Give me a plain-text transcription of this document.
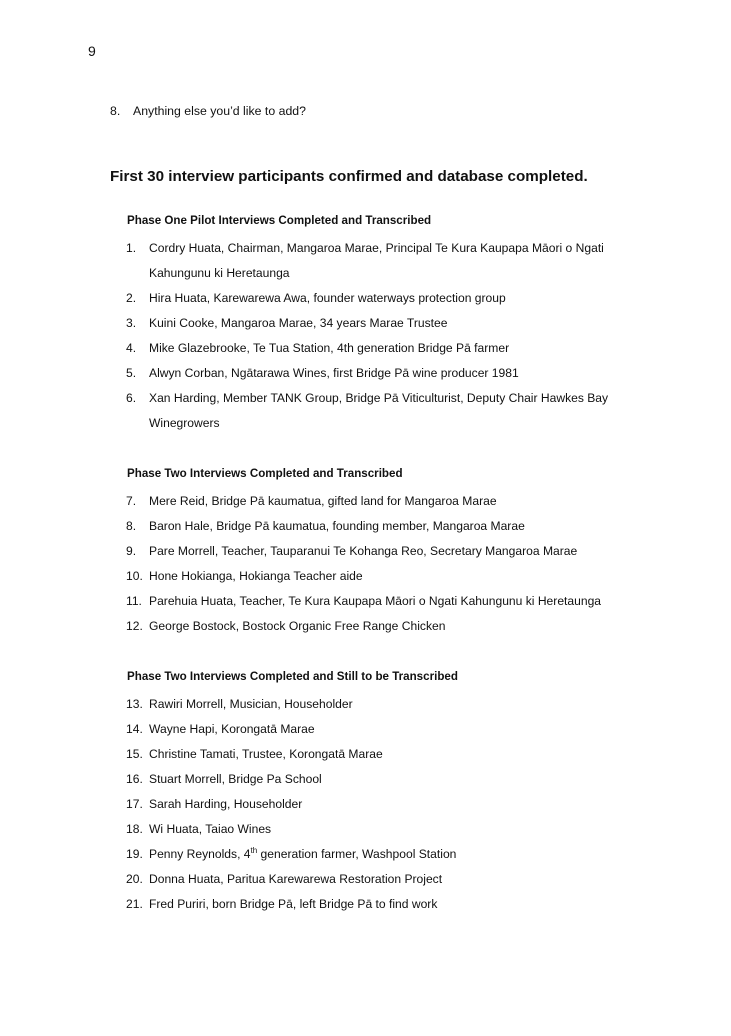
9
8.	Anything else you’d like to add?
First 30 interview participants confirmed and database completed.
Phase One Pilot Interviews Completed and Transcribed
1.	Cordry Huata, Chairman, Mangaroa Marae, Principal Te Kura Kaupapa Māori o Ngati Kahungunu ki Heretaunga
2.	Hira Huata, Karewarewa Awa, founder waterways protection group
3.	Kuini Cooke, Mangaroa Marae, 34 years Marae Trustee
4.	Mike Glazebrooke, Te Tua Station, 4th generation Bridge Pā farmer
5.	Alwyn Corban, Ngātarawa Wines, first Bridge Pā wine producer 1981
6.	Xan Harding, Member TANK Group, Bridge Pā Viticulturist, Deputy Chair Hawkes Bay Winegrowers
Phase Two Interviews Completed and Transcribed
7.	Mere Reid, Bridge Pā kaumatua, gifted land for Mangaroa Marae
8.	Baron Hale, Bridge Pā kaumatua, founding member, Mangaroa Marae
9.	Pare Morrell, Teacher, Tauparanui Te Kohanga Reo, Secretary Mangaroa Marae
10. Hone Hokianga, Hokianga Teacher aide
11. Parehuia Huata, Teacher, Te Kura Kaupapa Māori o Ngati Kahungunu ki Heretaunga
12. George Bostock, Bostock Organic Free Range Chicken
Phase Two Interviews Completed and Still to be Transcribed
13. Rawiri Morrell, Musician, Householder
14. Wayne Hapi, Korongatā Marae
15. Christine Tamati, Trustee, Korongatā Marae
16. Stuart Morrell, Bridge Pa School
17. Sarah Harding, Householder
18. Wi Huata, Taiao Wines
19. Penny Reynolds, 4th generation farmer, Washpool Station
20. Donna Huata, Paritua Karewarewa Restoration Project
21. Fred Puriri, born Bridge Pā, left Bridge Pā to find work
